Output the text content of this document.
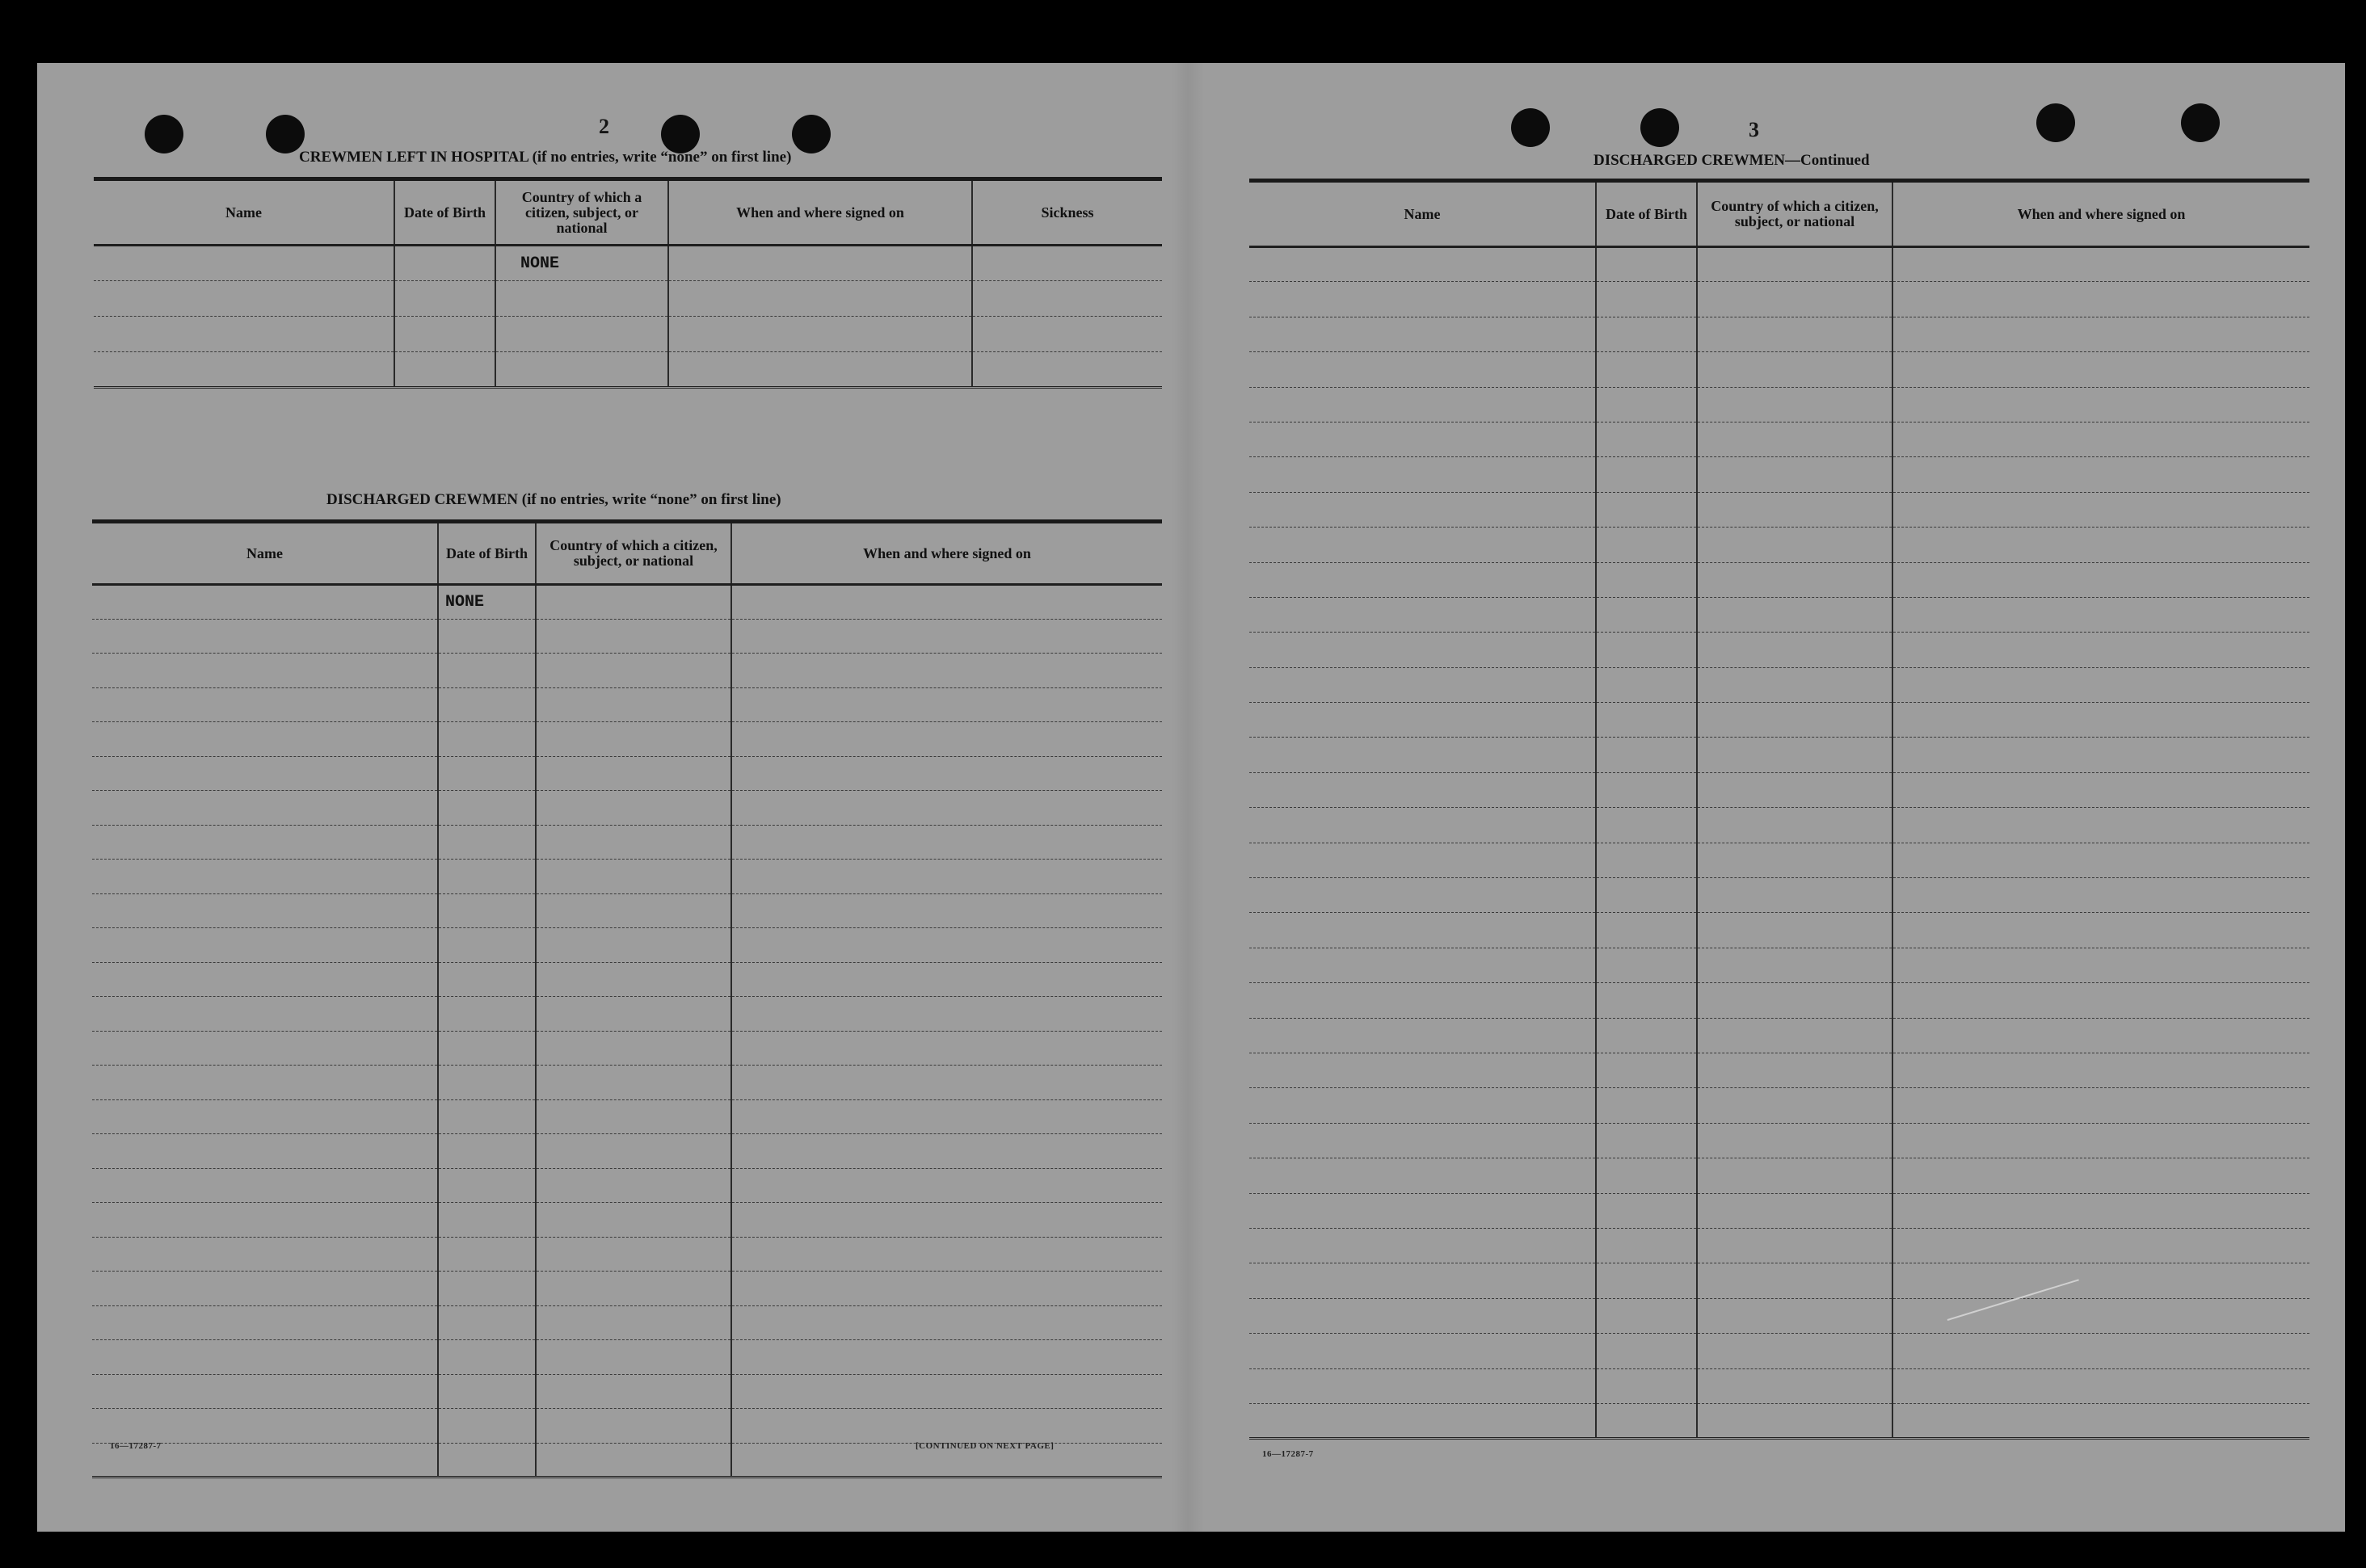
2
CREWMEN LEFT IN HOSPITAL (if no entries, write “none” on first line)
Name	Date of Birth	Country of which a citizen, subject, or national	When and where signed on	Sickness
		NONE		

DISCHARGED CREWMEN (if no entries, write “none” on first line)
Name	Date of Birth	Country of which a citizen, subject, or national	When and where signed on
	NONE		

16—17287-7	[CONTINUED ON NEXT PAGE]
3
DISCHARGED CREWMEN—Continued
Name	Date of Birth	Country of which a citizen, subject, or national	When and where signed on

16—17287-7
